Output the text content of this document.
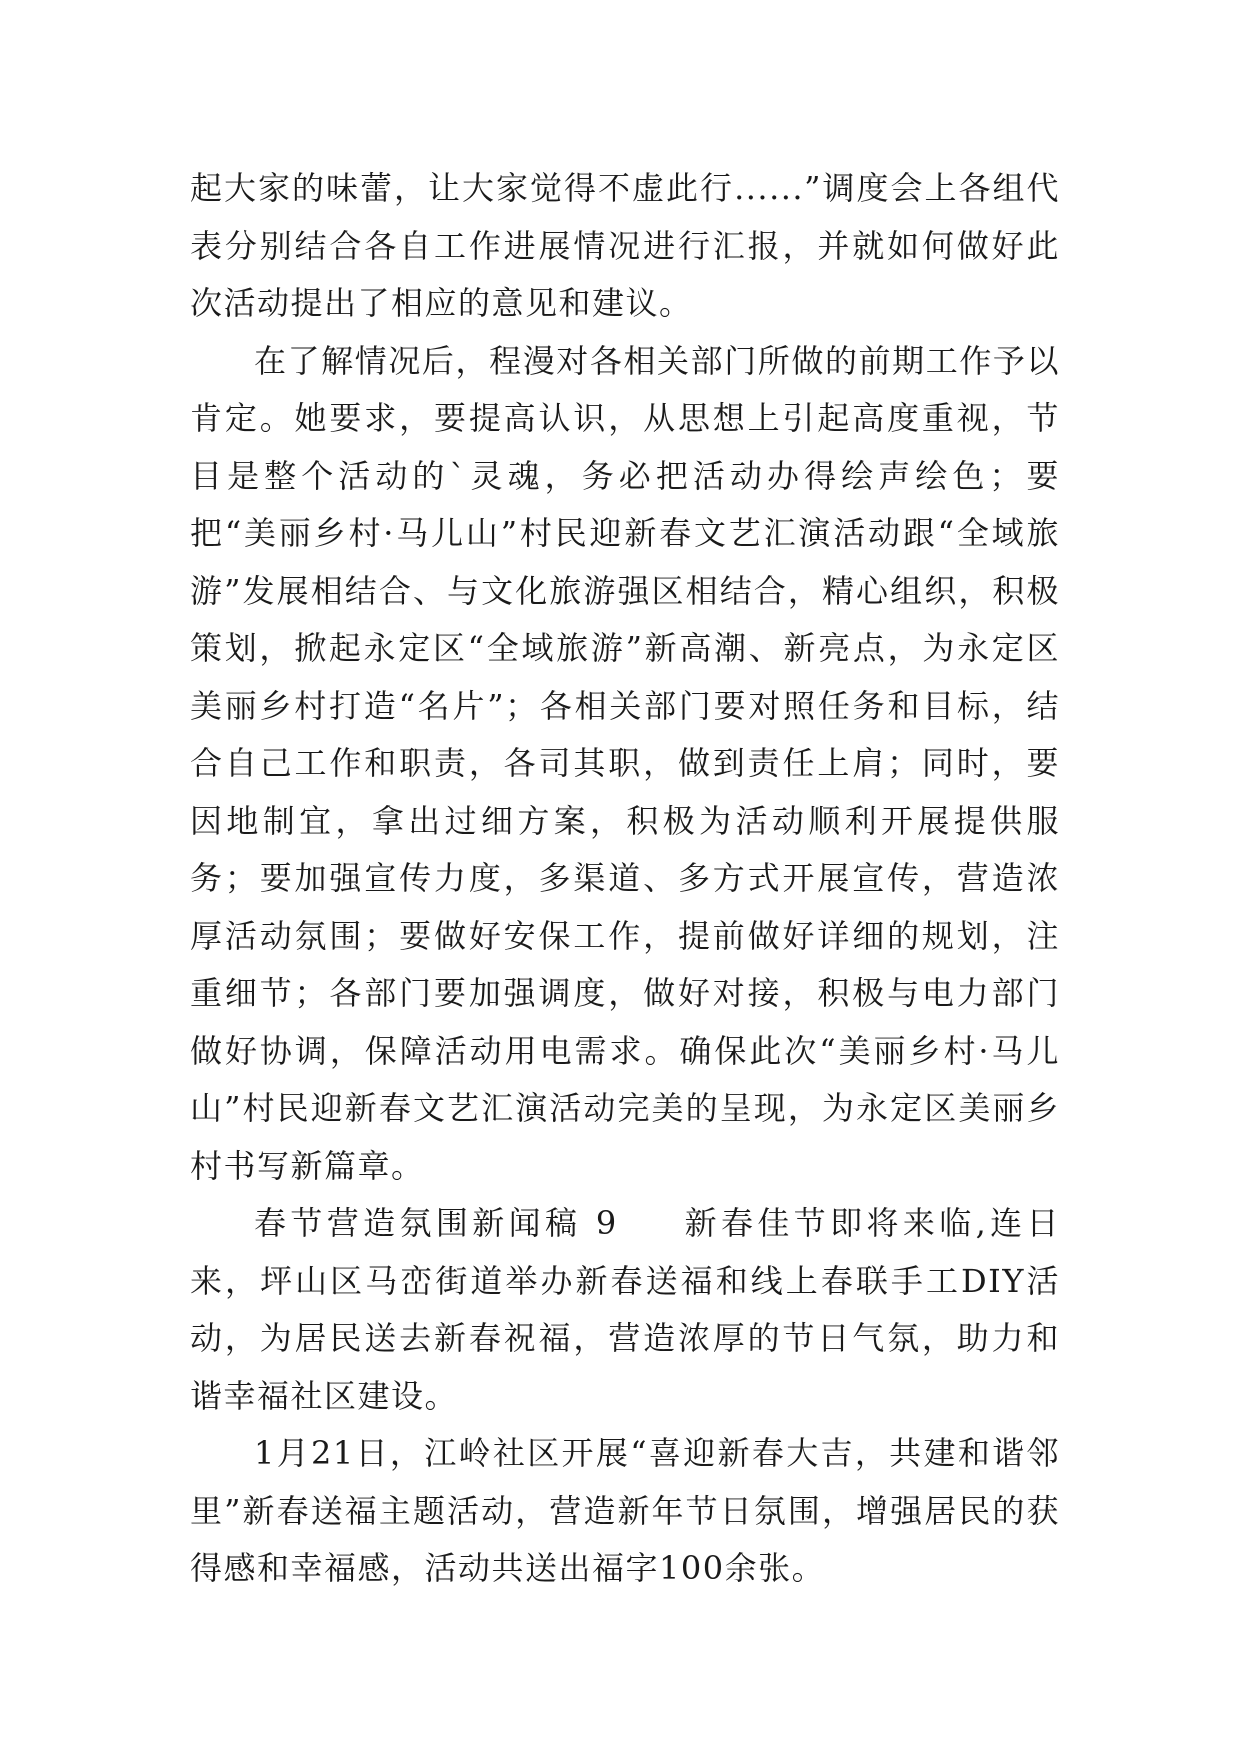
起大家的味蕾，让大家觉得不虚此行......”调度会上各组代表分别结合各自工作进展情况进行汇报，并就如何做好此次活动提出了相应的意见和建议。

在了解情况后，程漫对各相关部门所做的前期工作予以肯定。她要求，要提高认识，从思想上引起高度重视，节目是整个活动的`灵魂，务必把活动办得绘声绘色；要把“美丽乡村·马儿山”村民迎新春文艺汇演活动跟“全域旅游”发展相结合、与文化旅游强区相结合，精心组织，积极策划，掀起永定区“全域旅游”新高潮、新亮点，为永定区美丽乡村打造“名片”；各相关部门要对照任务和目标，结合自己工作和职责，各司其职，做到责任上肩；同时，要因地制宜，拿出过细方案，积极为活动顺利开展提供服务；要加强宣传力度，多渠道、多方式开展宣传，营造浓厚活动氛围；要做好安保工作，提前做好详细的规划，注重细节；各部门要加强调度，做好对接，积极与电力部门做好协调，保障活动用电需求。确保此次“美丽乡村·马儿山”村民迎新春文艺汇演活动完美的呈现，为永定区美丽乡村书写新篇章。

春节营造氛围新闻稿 9 新春佳节即将来临,连日来，坪山区马峦街道举办新春送福和线上春联手工DIY活动，为居民送去新春祝福，营造浓厚的节日气氛，助力和谐幸福社区建设。

1月21日，江岭社区开展“喜迎新春大吉，共建和谐邻里”新春送福主题活动，营造新年节日氛围，增强居民的获得感和幸福感，活动共送出福字100余张。
